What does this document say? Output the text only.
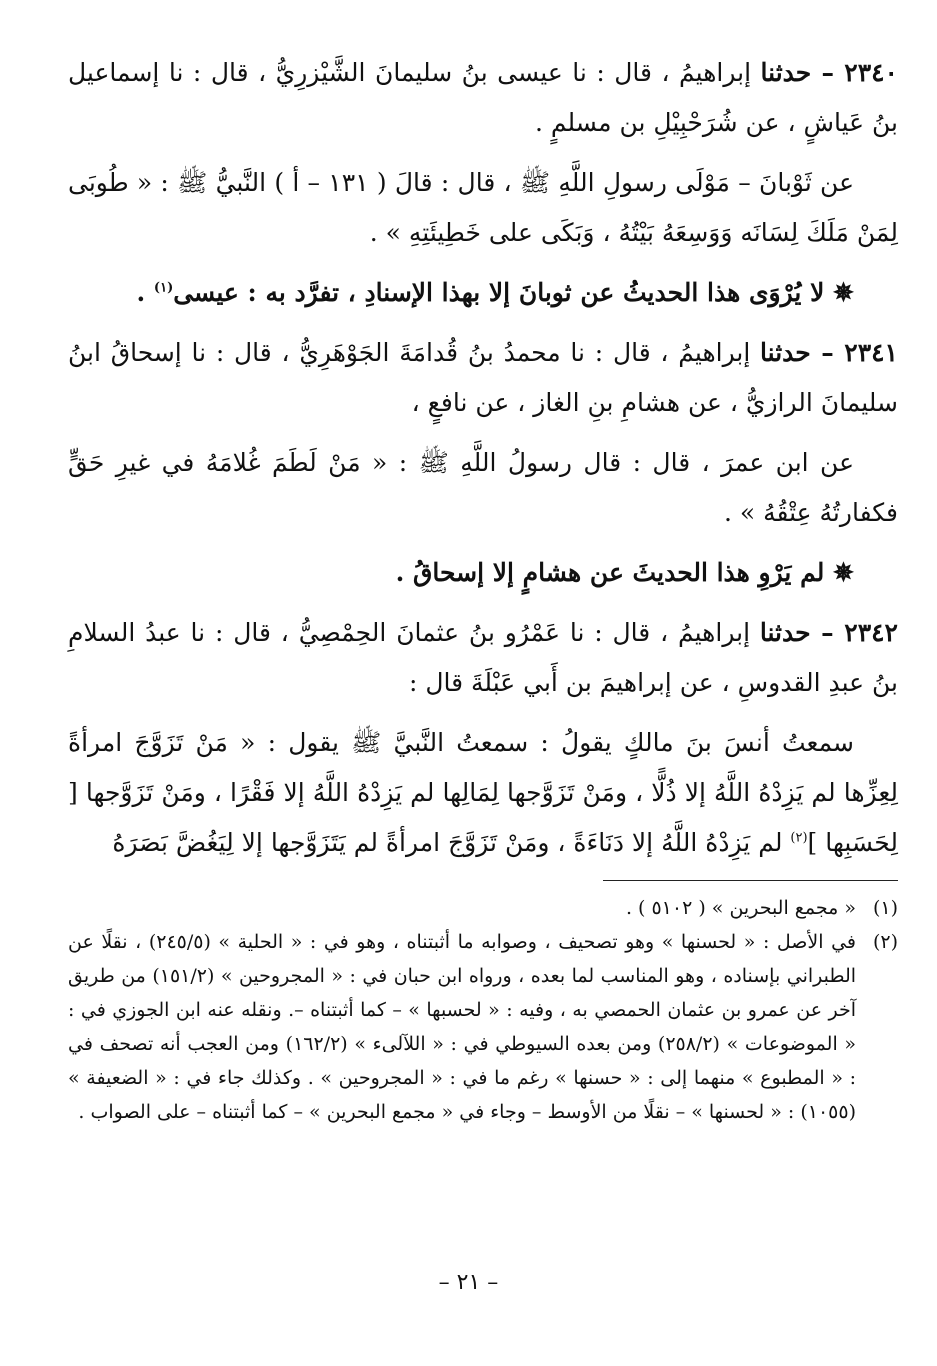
٢٣٤٠ – حدثنا إبراهيمُ ، قال : نا عيسى بنُ سليمانَ الشَّيْزرِيُّ ، قال : نا إسماعيل بنُ عَياشٍ ، عن شُرَحْبِيْلِ بن مسلمٍ .

عن ثَوْبانَ – مَوْلَى رسولِ اللَّهِ ﷺ ، قال : قالَ ( ١٣١ – أ ) النَّبيُّ ﷺ : « طُوبَى لِمَنْ مَلَكَ لِسَانَه وَوَسِعَهُ بَيْتُهُ ، وَبَكَى على خَطِيئَتِهِ » .

✵ لا يُرْوَى هذا الحديثُ عن ثوبانَ إلا بهذا الإسنادِ ، تفرَّد به : عيسى$^{(١)}$ .

٢٣٤١ – حدثنا إبراهيمُ ، قال : نا محمدُ بنُ قُدامَةَ الجَوْهَرِيُّ ، قال : نا إسحاقُ ابنُ سليمانَ الرازيُّ ، عن هشامِ بنِ الغاز ، عن نافعٍ ،

عن ابن عمرَ ، قال : قال رسولُ اللَّهِ ﷺ : « مَنْ لَطَمَ غُلامَهُ في غيرِ حَقٍّ فكفارتُهُ عِتْقُهُ » .

✵ لم يَرْوِ هذا الحديثَ عن هشامٍ إلا إسحاقُ .

٢٣٤٢ – حدثنا إبراهيمُ ، قال : نا عَمْرُو بنُ عثمانَ الحِمْصِيُّ ، قال : نا عبدُ السلامِ بنُ عبدِ القدوسِ ، عن إبراهيمَ بن أَبي عَبْلَةَ قال :

سمعتُ أنسَ بنَ مالكٍ يقولُ : سمعتُ النَّبيَّ ﷺ يقول : « مَنْ تَزَوَّجَ امرأةً لِعِزِّها لم يَزِدْهُ اللَّهُ إلا ذُلًّا ، ومَنْ تَزَوَّجها لِمَالِها لم يَزِدْهُ اللَّهُ إلا فَقْرًا ، ومَنْ تَزَوَّجها [ لِحَسَبِها ]$^{(٢)}$ لم يَزِدْهُ اللَّهُ إلا دَنَاءَةً ، ومَنْ تَزَوَّجَ امرأةً لم يَتَزَوَّجها إلا لِيَغُضَّ بَصَرَهُ

(١)
« مجمع البحرين » ( ٥١٠٢ ) .
(٢)
في الأصل : « لحسنها » وهو تصحيف ، وصوابه ما أثبتناه ، وهو في : « الحلية » (٢٤٥/٥) ، نقلًا عن الطبراني بإسناده ، وهو المناسب لما بعده ، ورواه ابن حبان في : « المجروحين » (١٥١/٢) من طريق آخر عن عمرو بن عثمان الحمصي به ، وفيه : « لحسبها » – كما أثبتناه –. ونقله عنه ابن الجوزي في : « الموضوعات » (٢٥٨/٢) ومن بعده السيوطي في : « اللآلىء » (١٦٢/٢) ومن العجب أنه تصحف في : « المطبوع » منهما إلى : « حسنها » رغم ما في : « المجروحين » . وكذلك جاء في : « الضعيفة » (١٠٥٥) : « لحسنها » – نقلًا من الأوسط – وجاء في « مجمع البحرين » – كما أثبتناه – على الصواب .
– ٢١ –
